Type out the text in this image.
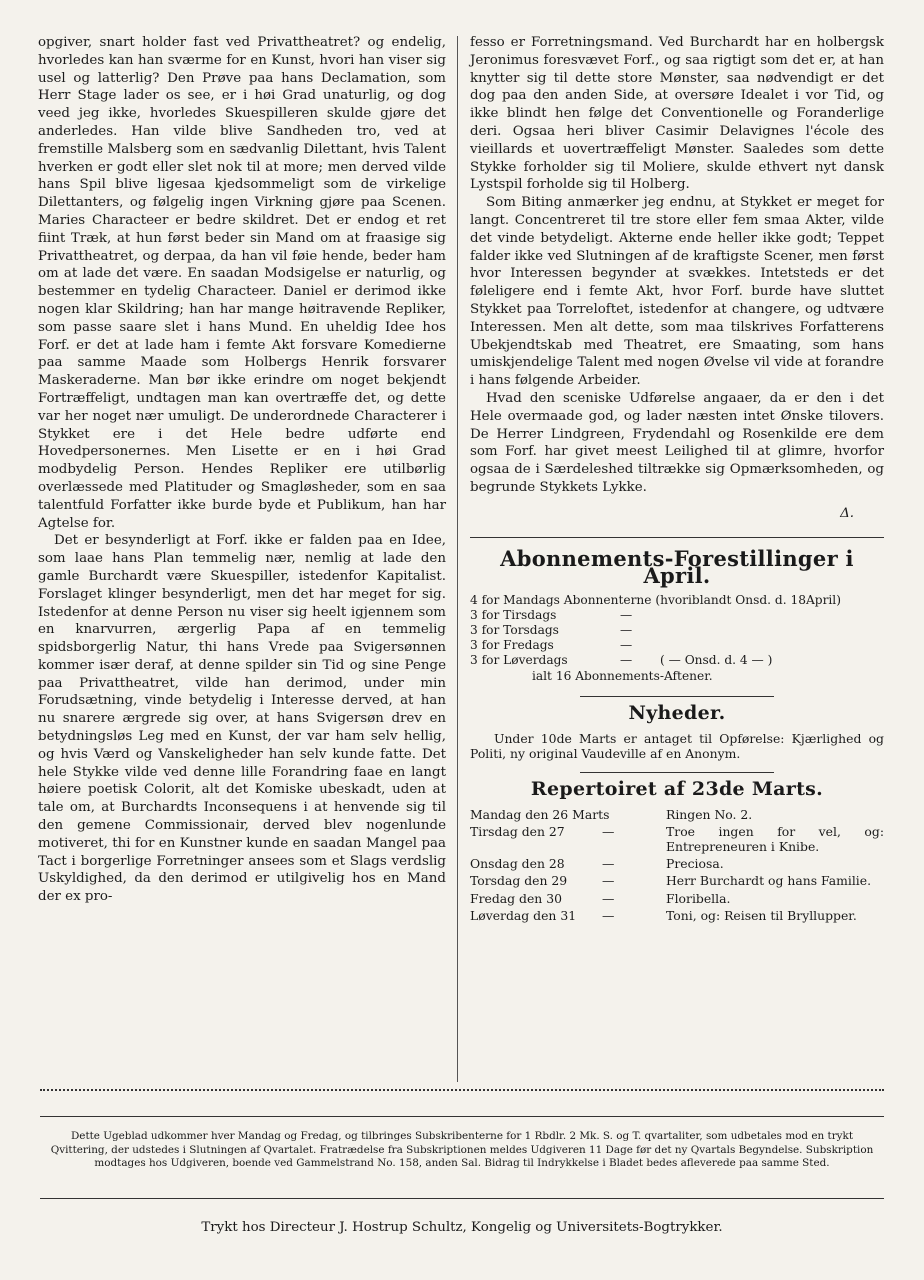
opgiver, snart holder fast ved Privattheatret? og endelig, hvorledes kan han sværme for en Kunst, hvori han viser sig usel og latterlig? Den Prøve paa hans Declamation, som Herr Stage lader os see, er i høi Grad unaturlig, og dog veed jeg ikke, hvorledes Skuespilleren skulde gjøre det anderledes. Han vilde blive Sandheden tro, ved at fremstille Malsberg som en sædvanlig Dilettant, hvis Talent hverken er godt eller slet nok til at more; men derved vilde hans Spil blive ligesaa kjedsommeligt som de virkelige Dilettanters, og følgelig ingen Virkning gjøre paa Scenen. Maries Characteer er bedre skildret. Det er endog et ret fiint Træk, at hun først beder sin Mand om at fraasige sig Privattheatret, og derpaa, da han vil føie hende, beder ham om at lade det være. En saadan Modsigelse er naturlig, og bestemmer en tydelig Characteer. Daniel er derimod ikke nogen klar Skildring; han har mange høitravende Repliker, som passe saare slet i hans Mund. En uheldig Idee hos Forf. er det at lade ham i femte Akt forsvare Komedierne paa samme Maade som Holbergs Henrik forsvarer Maskeraderne. Man bør ikke erindre om noget bekjendt Fortræffeligt, undtagen man kan overtræffe det, og dette var her noget nær umuligt. De underordnede Characterer i Stykket ere i det Hele bedre udførte end Hovedpersonernes. Men Lisette er en i høi Grad modbydelig Person. Hendes Repliker ere utilbørlig overlæssede med Platituder og Smagløsheder, som en saa talentfuld Forfatter ikke burde byde et Publikum, han har Agtelse for.

Det er besynderligt at Forf. ikke er falden paa en Idee, som laae hans Plan temmelig nær, nemlig at lade den gamle Burchardt være Skuespiller, istedenfor Kapitalist. Forslaget klinger besynderligt, men det har meget for sig. Istedenfor at denne Person nu viser sig heelt igjennem som en knarvurren, ærgerlig Papa af en temmelig spidsborgerlig Natur, thi hans Vrede paa Svigersønnen kommer især deraf, at denne spilder sin Tid og sine Penge paa Privattheatret, vilde han derimod, under min Forudsætning, vinde betydelig i Interesse derved, at han nu snarere ærgrede sig over, at hans Svigersøn drev en betydningsløs Leg med en Kunst, der var ham selv hellig, og hvis Værd og Vanskeligheder han selv kunde fatte. Det hele Stykke vilde ved denne lille Forandring faae en langt høiere poetisk Colorit, alt det Komiske ubeskadt, uden at tale om, at Burchardts Inconsequens i at henvende sig til den gemene Commissionair, derved blev nogenlunde motiveret, thi for en Kunstner kunde en saadan Mangel paa Tact i borgerlige Forretninger ansees som et Slags verdslig Uskyldighed, da den derimod er utilgivelig hos en Mand der ex pro-

fesso er Forretningsmand. Ved Burchardt har en holbergsk Jeronimus foresvævet Forf., og saa rigtigt som det er, at han knytter sig til dette store Mønster, saa nødvendigt er det dog paa den anden Side, at oversøre Idealet i vor Tid, og ikke blindt hen følge det Conventionelle og Foranderlige deri. Ogsaa heri bliver Casimir Delavignes l'école des vieillards et uovertræffeligt Mønster. Saaledes som dette Stykke forholder sig til Moliere, skulde ethvert nyt dansk Lystspil forholde sig til Holberg.

Som Biting anmærker jeg endnu, at Stykket er meget for langt. Concentreret til tre store eller fem smaa Akter, vilde det vinde betydeligt. Akterne ende heller ikke godt; Teppet falder ikke ved Slutningen af de kraftigste Scener, men først hvor Interessen begynder at svækkes. Intetsteds er det føleligere end i femte Akt, hvor Forf. burde have sluttet Stykket paa Torreloftet, istedenfor at changere, og udtvære Interessen. Men alt dette, som maa tilskrives Forfatterens Ubekjendtskab med Theatret, ere Smaating, som hans umiskjendelige Talent med nogen Øvelse vil vide at forandre i hans følgende Arbeider.

Hvad den sceniske Udførelse angaaer, da er den i det Hele overmaade god, og lader næsten intet Ønske tilovers. De Herrer Lindgreen, Frydendahl og Rosenkilde ere dem som Forf. har givet meest Leilighed til at glimre, hvorfor ogsaa de i Særdeleshed tiltrække sig Opmærksomheden, og begrunde Stykkets Lykke.

Δ.
Abonnements-Forestillinger i April.
4 for Mandags Abonnenterne (hvoriblandt Onsd. d. 18April)
3 for Tirsdags	—
3 for Torsdags	—
3 for Fredags	—
3 for Løverdags	—	( — Onsd. d. 4 — )
ialt 16 Abonnements-Aftener.
Nyheder.
Under 10de Marts er antaget til Opførelse: Kjærlighed og Politi, ny original Vaudeville af en Anonym.
Repertoiret af 23de Marts.
Mandag den 26 Marts	Ringen No. 2.
Tirsdag den 27	—	Troe ingen for vel, og: Entrepreneuren i Knibe.
Onsdag den 28	—	Preciosa.
Torsdag den 29	—	Herr Burchardt og hans Familie.
Fredag den 30	—	Floribella.
Løverdag den 31	—	Toni, og: Reisen til Bryllupper.
Dette Ugeblad udkommer hver Mandag og Fredag, og tilbringes Subskribenterne for 1 Rbdlr. 2 Mk. S. og T. qvartaliter, som udbetales mod en trykt Qvittering, der udstedes i Slutningen af Qvartalet. Fratrædelse fra Subskriptionen meldes Udgiveren 11 Dage før det ny Qvartals Begyndelse. Subskription modtages hos Udgiveren, boende ved Gammelstrand No. 158, anden Sal. Bidrag til Indrykkelse i Bladet bedes afleverede paa samme Sted.
Trykt hos Directeur J. Hostrup Schultz, Kongelig og Universitets-Bogtrykker.
